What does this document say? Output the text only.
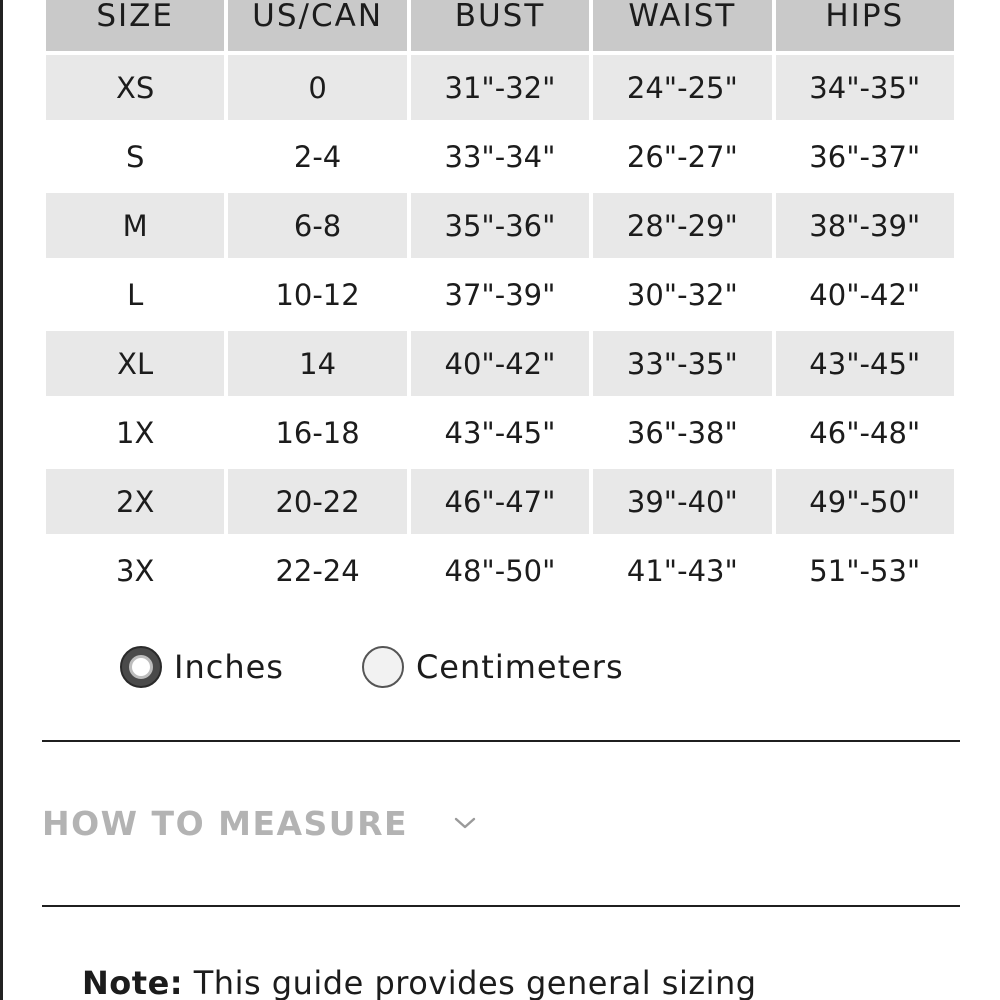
SIZE	US/CAN	BUST	WAIST	HIPS
XS	0	31"-32"	24"-25"	34"-35"
S	2-4	33"-34"	26"-27"	36"-37"
M	6-8	35"-36"	28"-29"	38"-39"
L	10-12	37"-39"	30"-32"	40"-42"
XL	14	40"-42"	33"-35"	43"-45"
1X	16-18	43"-45"	36"-38"	46"-48"
2X	20-22	46"-47"	39"-40"	49"-50"
3X	22-24	48"-50"	41"-43"	51"-53"
Inches	Centimeters
HOW TO MEASURE
Note: This guide provides general sizing
